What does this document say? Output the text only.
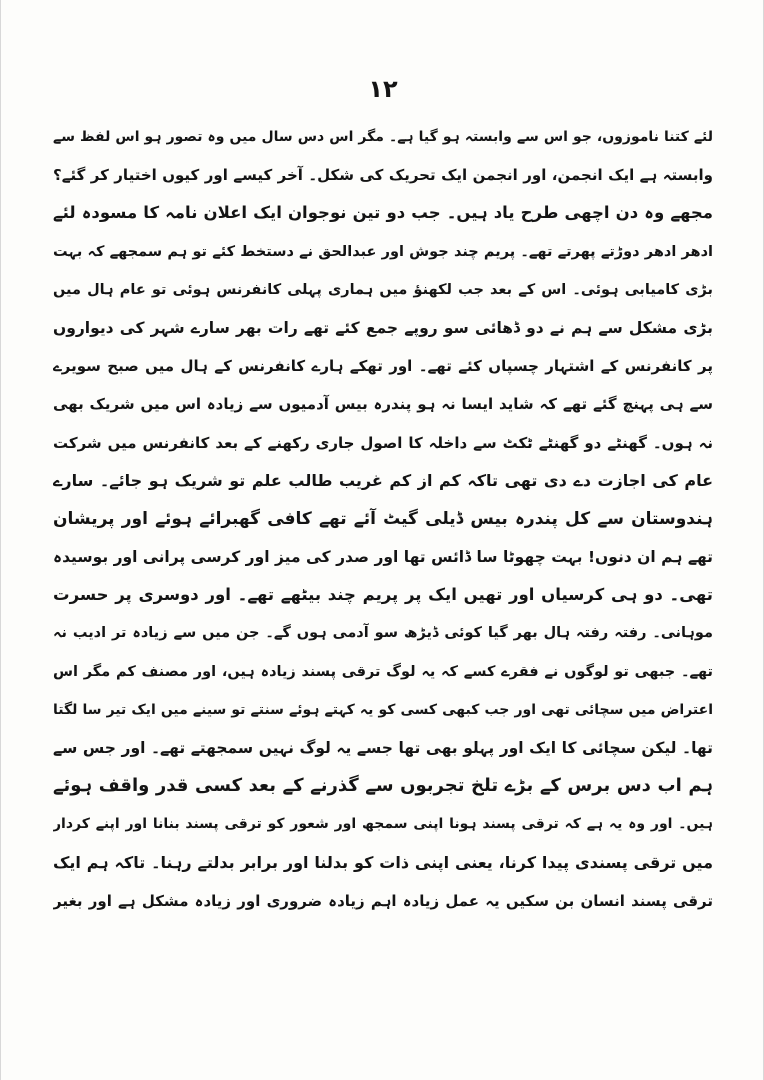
۱۲
لئے کتنا ناموزوں، جو اس سے وابستہ ہو گیا ہے۔ مگر اس دس سال میں وہ تصور ہو اس لفظ سے
وابستہ ہے ایک انجمن، اور انجمن ایک تحریک کی شکل۔ آخر کیسے اور کیوں اختیار کر گئے؟
مجھے وہ دن اچھی طرح یاد ہیں۔ جب دو تین نوجوان ایک اعلان نامہ کا مسودہ لئے
ادھر ادھر دوڑتے پھرتے تھے۔ پریم چند جوش اور عبدالحق نے دستخط کئے تو ہم سمجھے کہ بہت
بڑی کامیابی ہوئی۔ اس کے بعد جب لکھنؤ میں ہماری پہلی کانفرنس ہوئی تو عام ہال میں
بڑی مشکل سے ہم نے دو ڈھائی سو روپے جمع کئے تھے رات بھر سارے شہر کی دیواروں
پر کانفرنس کے اشتہار چسپاں کئے تھے۔ اور تھکے ہارے کانفرنس کے ہال میں صبح سویرے
سے ہی پہنچ گئے تھے کہ شاید ایسا نہ ہو پندرہ بیس آدمیوں سے زیادہ اس میں شریک بھی
نہ ہوں۔ گھنٹے دو گھنٹے ٹکٹ سے داخلہ کا اصول جاری رکھنے کے بعد کانفرنس میں شرکت
عام کی اجازت دے دی تھی تاکہ کم از کم غریب طالب علم تو شریک ہو جائے۔ سارے
ہندوستان سے کل پندرہ بیس ڈیلی گیٹ آئے تھے کافی گھبرائے ہوئے اور پریشان
تھے ہم ان دنوں! بہت چھوٹا سا ڈائس تھا اور صدر کی میز اور کرسی پرانی اور بوسیدہ
تھی۔ دو ہی کرسیاں اور تھیں ایک پر پریم چند بیٹھے تھے۔ اور دوسری پر حسرت
موہانی۔ رفتہ رفتہ ہال بھر گیا کوئی ڈیڑھ سو آدمی ہوں گے۔ جن میں سے زیادہ تر ادیب نہ
تھے۔ جبھی تو لوگوں نے فقرے کسے کہ یہ لوگ ترقی پسند زیادہ ہیں، اور مصنف کم مگر اس
اعتراض میں سچائی تھی اور جب کبھی کسی کو یہ کہتے ہوئے سنتے تو سینے میں ایک تیر سا لگتا
تھا۔ لیکن سچائی کا ایک اور پہلو بھی تھا جسے یہ لوگ نہیں سمجھتے تھے۔ اور جس سے
ہم اب دس برس کے بڑے تلخ تجربوں سے گذرنے کے بعد کسی قدر واقف ہوئے
ہیں۔ اور وہ یہ ہے کہ ترقی پسند ہونا اپنی سمجھ اور شعور کو ترقی پسند بنانا اور اپنے کردار
میں ترقی پسندی پیدا کرنا، یعنی اپنی ذات کو بدلنا اور برابر بدلتے رہنا۔ تاکہ ہم ایک
ترقی پسند انسان بن سکیں یہ عمل زیادہ اہم زیادہ ضروری اور زیادہ مشکل ہے اور بغیر
